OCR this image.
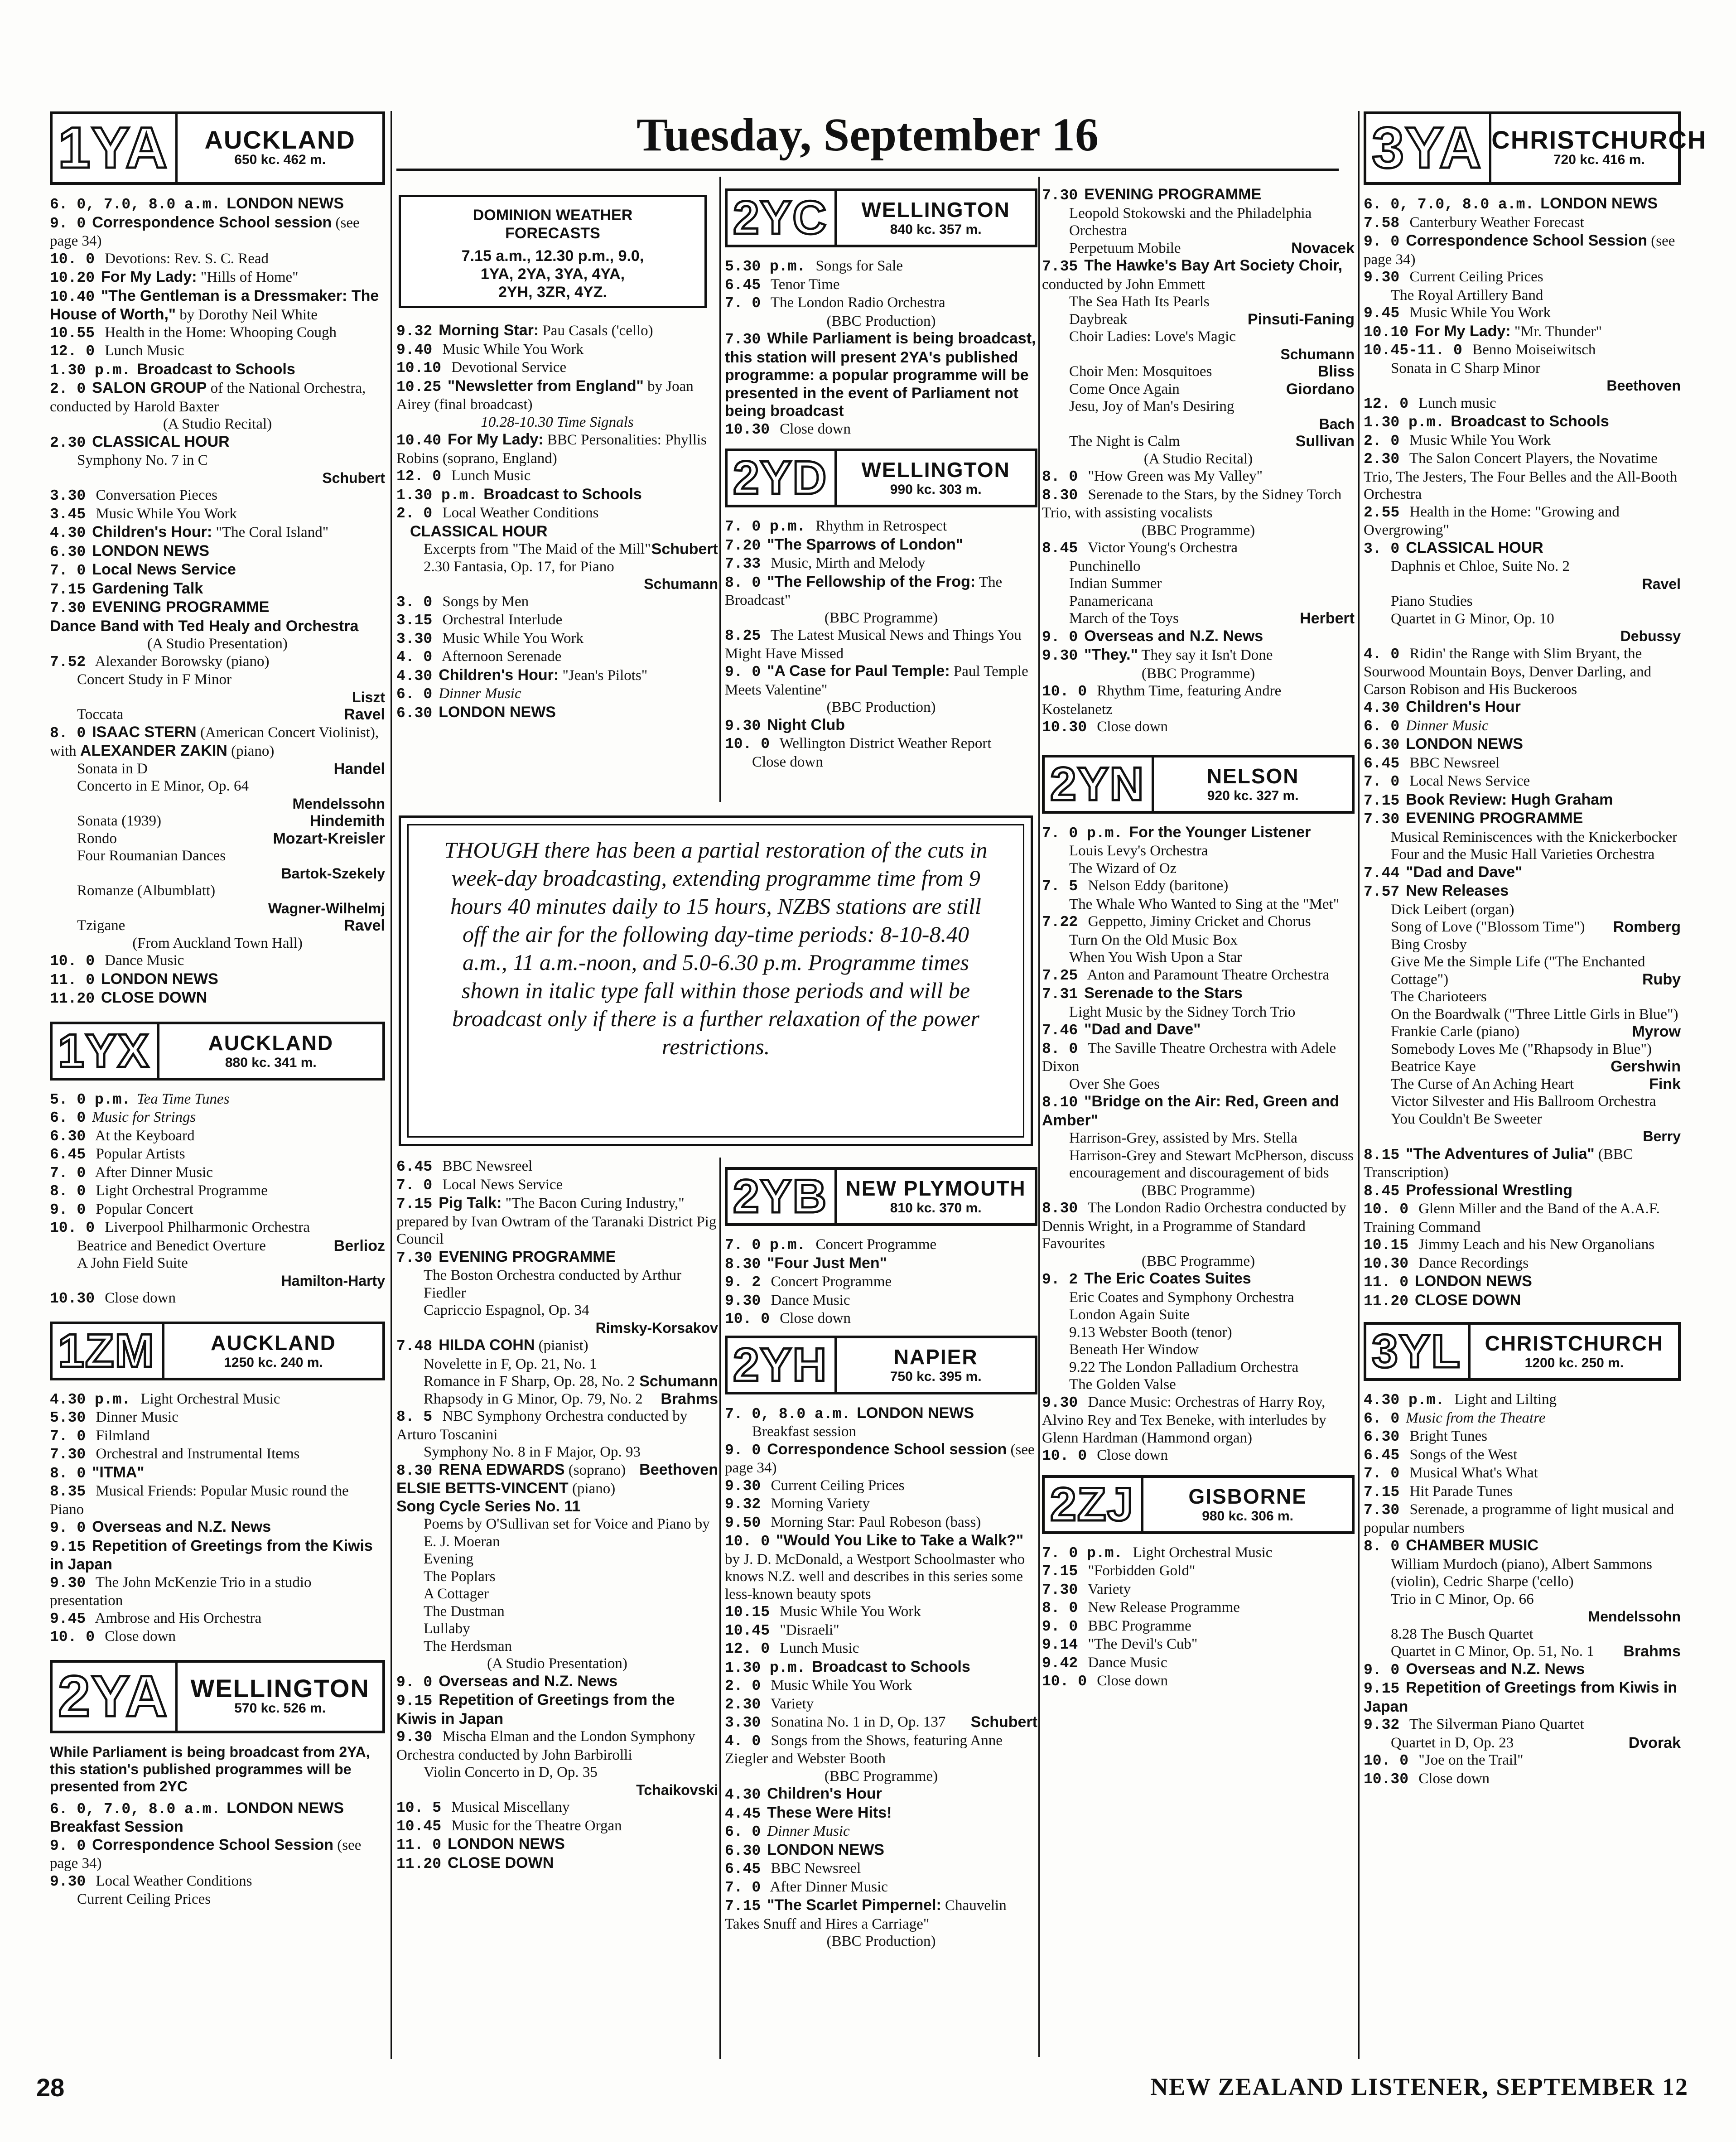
Tuesday, September 16
DOMINION WEATHER
FORECASTS
7.15 a.m., 12.30 p.m., 9.0,
1YA, 2YA, 3YA, 4YA,
2YH, 3ZR, 4YZ.
THOUGH there has been a partial restoration of the cuts in week-day broadcasting, extending programme time from 9 hours 40 minutes daily to 15 hours, NZBS stations are still off the air for the following day-time periods: 8-10-8.40 a.m., 11 a.m.-noon, and 5.0-6.30 p.m. Programme times shown in italic type fall within those periods and will be broadcast only if there is a further relaxation of the power restrictions.
1YA	AUCKLAND
650 kc. 462 m.
6. 0, 7.0, 8.0 a.m. LONDON NEWS
9. 0 Correspondence School session (see page 34)
10. 0 Devotions: Rev. S. C. Read
10.20 For My Lady: "Hills of Home"
10.40 "The Gentleman is a Dressmaker: The House of Worth," by Dorothy Neil White
10.55 Health in the Home: Whooping Cough
12. 0 Lunch Music
1.30 p.m. Broadcast to Schools
2. 0 SALON GROUP of the National Orchestra, conducted by Harold Baxter
(A Studio Recital)
2.30 CLASSICAL HOUR
Symphony No. 7 in C
Schubert
3.30 Conversation Pieces
3.45 Music While You Work
4.30 Children's Hour: "The Coral Island"
6.30 LONDON NEWS
7. 0 Local News Service
7.15 Gardening Talk
7.30 EVENING PROGRAMME
Dance Band with Ted Healy and Orchestra
(A Studio Presentation)
7.52 Alexander Borowsky (piano)
Concert Study in F Minor
Liszt
Toccata	Ravel
8. 0 ISAAC STERN (American Concert Violinist), with ALEXANDER ZAKIN (piano)
Sonata in D	Handel
Concerto in E Minor, Op. 64
Mendelssohn
Sonata (1939)	Hindemith
Rondo	Mozart-Kreisler
Four Roumanian Dances
Bartok-Szekely
Romanze (Albumblatt)
Wagner-Wilhelmj
Tzigane	Ravel
(From Auckland Town Hall)
10. 0 Dance Music
11. 0 LONDON NEWS
11.20 CLOSE DOWN
1YX	AUCKLAND
880 kc. 341 m.
5. 0 p.m. Tea Time Tunes
6. 0 Music for Strings
6.30 At the Keyboard
6.45 Popular Artists
7. 0 After Dinner Music
8. 0 Light Orchestral Programme
9. 0 Popular Concert
10. 0 Liverpool Philharmonic Orchestra
Beatrice and Benedict Overture	Berlioz
A John Field Suite
Hamilton-Harty
10.30 Close down
1ZM	AUCKLAND
1250 kc. 240 m.
4.30 p.m. Light Orchestral Music
5.30 Dinner Music
7. 0 Filmland
7.30 Orchestral and Instrumental Items
8. 0 "ITMA"
8.35 Musical Friends: Popular Music round the Piano
9. 0 Overseas and N.Z. News
9.15 Repetition of Greetings from the Kiwis in Japan
9.30 The John McKenzie Trio in a studio presentation
9.45 Ambrose and His Orchestra
10. 0 Close down
2YA WELLINGTON
570 kc. 526 m.
While Parliament is being broadcast from 2YA, this station's published programmes will be presented from 2YC
6. 0, 7.0, 8.0 a.m. LONDON NEWS
Breakfast Session
9. 0 Correspondence School Session (see page 34)
9.30 Local Weather Conditions
Current Ceiling Prices
9.32 Morning Star: Pau Casals ('cello)
9.40 Music While You Work
10.10 Devotional Service
10.25 "Newsletter from England" by Joan Airey (final broadcast)
10.28-10.30 Time Signals
10.40 For My Lady: BBC Personalities: Phyllis Robins (soprano, England)
12. 0 Lunch Music
1.30 p.m. Broadcast to Schools
2. 0 Local Weather Conditions
CLASSICAL HOUR
Excerpts from "The Maid of the Mill" Schubert
2.30 Fantasia, Op. 17, for Piano
Schumann
3. 0 Songs by Men
3.15 Orchestral Interlude
3.30 Music While You Work
4. 0 Afternoon Serenade
4.30 Children's Hour: "Jean's Pilots"
6. 0 Dinner Music
6.30 LONDON NEWS
6.45 BBC Newsreel
7. 0 Local News Service
7.15 Pig Talk: "The Bacon Curing Industry," prepared by Ivan Owtram of the Taranaki District Pig Council
7.30 EVENING PROGRAMME
The Boston Orchestra conducted by Arthur Fiedler
Capriccio Espagnol, Op. 34
Rimsky-Korsakov
7.48 HILDA COHN (pianist)
Novelette in F, Op. 21, No. 1
Romance in F Sharp, Op. 28, No. 2 Schumann
Rhapsody in G Minor, Op. 79, No. 2 Brahms
8. 5 NBC Symphony Orchestra conducted by Arturo Toscanini
Symphony No. 8 in F Major, Op. 93
Beethoven
8.30 RENA EDWARDS (soprano)
ELSIE BETTS-VINCENT (piano)
Song Cycle Series No. 11
Poems by O'Sullivan set for Voice and Piano by E. J. Moeran
Evening
The Poplars
A Cottager
The Dustman
Lullaby
The Herdsman
(A Studio Presentation)
9. 0 Overseas and N.Z. News
9.15 Repetition of Greetings from the Kiwis in Japan
9.30 Mischa Elman and the London Symphony Orchestra conducted by John Barbirolli
Violin Concerto in D, Op. 35
Tchaikovski
10. 5 Musical Miscellany
10.45 Music for the Theatre Organ
11. 0 LONDON NEWS
11.20 CLOSE DOWN
2YC	WELLINGTON
840 kc. 357 m.
5.30 p.m. Songs for Sale
6.45 Tenor Time
7. 0 The London Radio Orchestra
(BBC Production)
7.30 While Parliament is being broadcast, this station will present 2YA's published programme: a popular programme will be presented in the event of Parliament not being broadcast
10.30 Close down
2YD	WELLINGTON
990 kc. 303 m.
7. 0 p.m. Rhythm in Retrospect
7.20 "The Sparrows of London"
7.33 Music, Mirth and Melody
8. 0 "The Fellowship of the Frog: The Broadcast"
(BBC Programme)
8.25 The Latest Musical News and Things You Might Have Missed
9. 0 "A Case for Paul Temple: Paul Temple Meets Valentine"
(BBC Production)
9.30 Night Club
10. 0 Wellington District Weather Report
Close down
2YB NEW PLYMOUTH
810 kc. 370 m.
7. 0 p.m. Concert Programme
8.30 "Four Just Men"
9. 2 Concert Programme
9.30 Dance Music
10. 0 Close down
2YH	NAPIER
750 kc. 395 m.
7. 0, 8.0 a.m. LONDON NEWS
Breakfast session
9. 0 Correspondence School session (see page 34)
9.30 Current Ceiling Prices
9.32 Morning Variety
9.50 Morning Star: Paul Robeson (bass)
10. 0 "Would You Like to Take a Walk?" by J. D. McDonald, a Westport Schoolmaster who knows N.Z. well and describes in this series some less-known beauty spots
10.15 Music While You Work
10.45 "Disraeli"
12. 0 Lunch Music
1.30 p.m. Broadcast to Schools
2. 0 Music While You Work
2.30 Variety
3.30 Sonatina No. 1 in D, Op. 137 Schubert
4. 0 Songs from the Shows, featuring Anne Ziegler and Webster Booth
(BBC Programme)
4.30 Children's Hour
4.45 These Were Hits!
6. 0 Dinner Music
6.30 LONDON NEWS
6.45 BBC Newsreel
7. 0 After Dinner Music
7.15 "The Scarlet Pimpernel: Chauvelin Takes Snuff and Hires a Carriage"
(BBC Production)
7.30 EVENING PROGRAMME
Leopold Stokowski and the Philadelphia Orchestra
Perpetuum Mobile	Novacek
7.35 The Hawke's Bay Art Society Choir, conducted by John Emmett
The Sea Hath Its Pearls
Daybreak	Pinsuti-Faning
Choir Ladies: Love's Magic
Schumann
Choir Men: Mosquitoes	Bliss
Come Once Again	Giordano
Jesu, Joy of Man's Desiring
Bach
The Night is Calm	Sullivan
(A Studio Recital)
8. 0 "How Green was My Valley"
8.30 Serenade to the Stars, by the Sidney Torch Trio, with assisting vocalists
(BBC Programme)
8.45 Victor Young's Orchestra
Punchinello
Indian Summer
Panamericana
March of the Toys	Herbert
9. 0 Overseas and N.Z. News
9.30 "They." They say it Isn't Done
(BBC Programme)
10. 0 Rhythm Time, featuring Andre Kostelanetz
10.30 Close down
2YN	NELSON
920 kc. 327 m.
7. 0 p.m. For the Younger Listener
Louis Levy's Orchestra
The Wizard of Oz
7. 5 Nelson Eddy (baritone)
The Whale Who Wanted to Sing at the "Met"
7.22 Geppetto, Jiminy Cricket and Chorus
Turn On the Old Music Box
When You Wish Upon a Star
7.25 Anton and Paramount Theatre Orchestra
7.31 Serenade to the Stars
Light Music by the Sidney Torch Trio
7.46 "Dad and Dave"
8. 0 The Saville Theatre Orchestra with Adele Dixon
Over She Goes
8.10 "Bridge on the Air: Red, Green and Amber"
Harrison-Grey, assisted by Mrs. Stella Harrison-Grey and Stewart McPherson, discuss encouragement and discouragement of bids
(BBC Programme)
8.30 The London Radio Orchestra conducted by Dennis Wright, in a Programme of Standard Favourites
(BBC Programme)
9. 2 The Eric Coates Suites
Eric Coates and Symphony Orchestra
London Again Suite
9.13 Webster Booth (tenor)
Beneath Her Window
9.22 The London Palladium Orchestra
The Golden Valse
9.30 Dance Music: Orchestras of Harry Roy, Alvino Rey and Tex Beneke, with interludes by Glenn Hardman (Hammond organ)
10. 0 Close down
2ZJ	GISBORNE
980 kc. 306 m.
7. 0 p.m. Light Orchestral Music
7.15 "Forbidden Gold"
7.30 Variety
8. 0 New Release Programme
9. 0 BBC Programme
9.14 "The Devil's Cub"
9.42 Dance Music
10. 0 Close down
3YA CHRISTCHURCH
720 kc. 416 m.
6. 0, 7.0, 8.0 a.m. LONDON NEWS
7.58 Canterbury Weather Forecast
9. 0 Correspondence School Session (see page 34)
9.30 Current Ceiling Prices
The Royal Artillery Band
9.45 Music While You Work
10.10 For My Lady: "Mr. Thunder"
10.45-11. 0 Benno Moiseiwitsch
Sonata in C Sharp Minor
Beethoven
12. 0 Lunch music
1.30 p.m. Broadcast to Schools
2. 0 Music While You Work
2.30 The Salon Concert Players, the Novatime Trio, The Jesters, The Four Belles and the All-Booth Orchestra
2.55 Health in the Home: "Growing and Overgrowing"
3. 0 CLASSICAL HOUR
Daphnis et Chloe, Suite No. 2
Ravel
Piano Studies
Quartet in G Minor, Op. 10
Debussy
4. 0 Ridin' the Range with Slim Bryant, the Sourwood Mountain Boys, Denver Darling, and Carson Robison and His Buckeroos
4.30 Children's Hour
6. 0 Dinner Music
6.30 LONDON NEWS
6.45 BBC Newsreel
7. 0 Local News Service
7.15 Book Review: Hugh Graham
7.30 EVENING PROGRAMME
Musical Reminiscences with the Knickerbocker Four and the Music Hall Varieties Orchestra
7.44 "Dad and Dave"
7.57 New Releases
Dick Leibert (organ)
Song of Love ("Blossom Time") Romberg
Bing Crosby
Give Me the Simple Life ("The Enchanted Cottage")	Ruby
The Charioteers
On the Boardwalk ("Three Little Girls in Blue")
Myrow
Frankie Carle (piano)
Somebody Loves Me ("Rhapsody in Blue")
Gershwin
Beatrice Kaye
The Curse of An Aching Heart	Fink
Victor Silvester and His Ballroom Orchestra
You Couldn't Be Sweeter
Berry
8.15 "The Adventures of Julia" (BBC Transcription)
8.45 Professional Wrestling
10. 0 Glenn Miller and the Band of the A.A.F. Training Command
10.15 Jimmy Leach and his New Organolians
10.30 Dance Recordings
11. 0 LONDON NEWS
11.20 CLOSE DOWN
3YL	CHRISTCHURCH
1200 kc. 250 m.
4.30 p.m. Light and Lilting
6. 0 Music from the Theatre
6.30 Bright Tunes
6.45 Songs of the West
7. 0 Musical What's What
7.15 Hit Parade Tunes
7.30 Serenade, a programme of light musical and popular numbers
8. 0 CHAMBER MUSIC
William Murdoch (piano), Albert Sammons (violin), Cedric Sharpe ('cello)
Trio in C Minor, Op. 66
Mendelssohn
8.28 The Busch Quartet
Quartet in C Minor, Op. 51, No. 1 Brahms
9. 0 Overseas and N.Z. News
9.15 Repetition of Greetings from Kiwis in Japan
9.32 The Silverman Piano Quartet
Quartet in D, Op. 23	Dvorak
10. 0 "Joe on the Trail"
10.30 Close down
28	NEW ZEALAND LISTENER, SEPTEMBER 12
